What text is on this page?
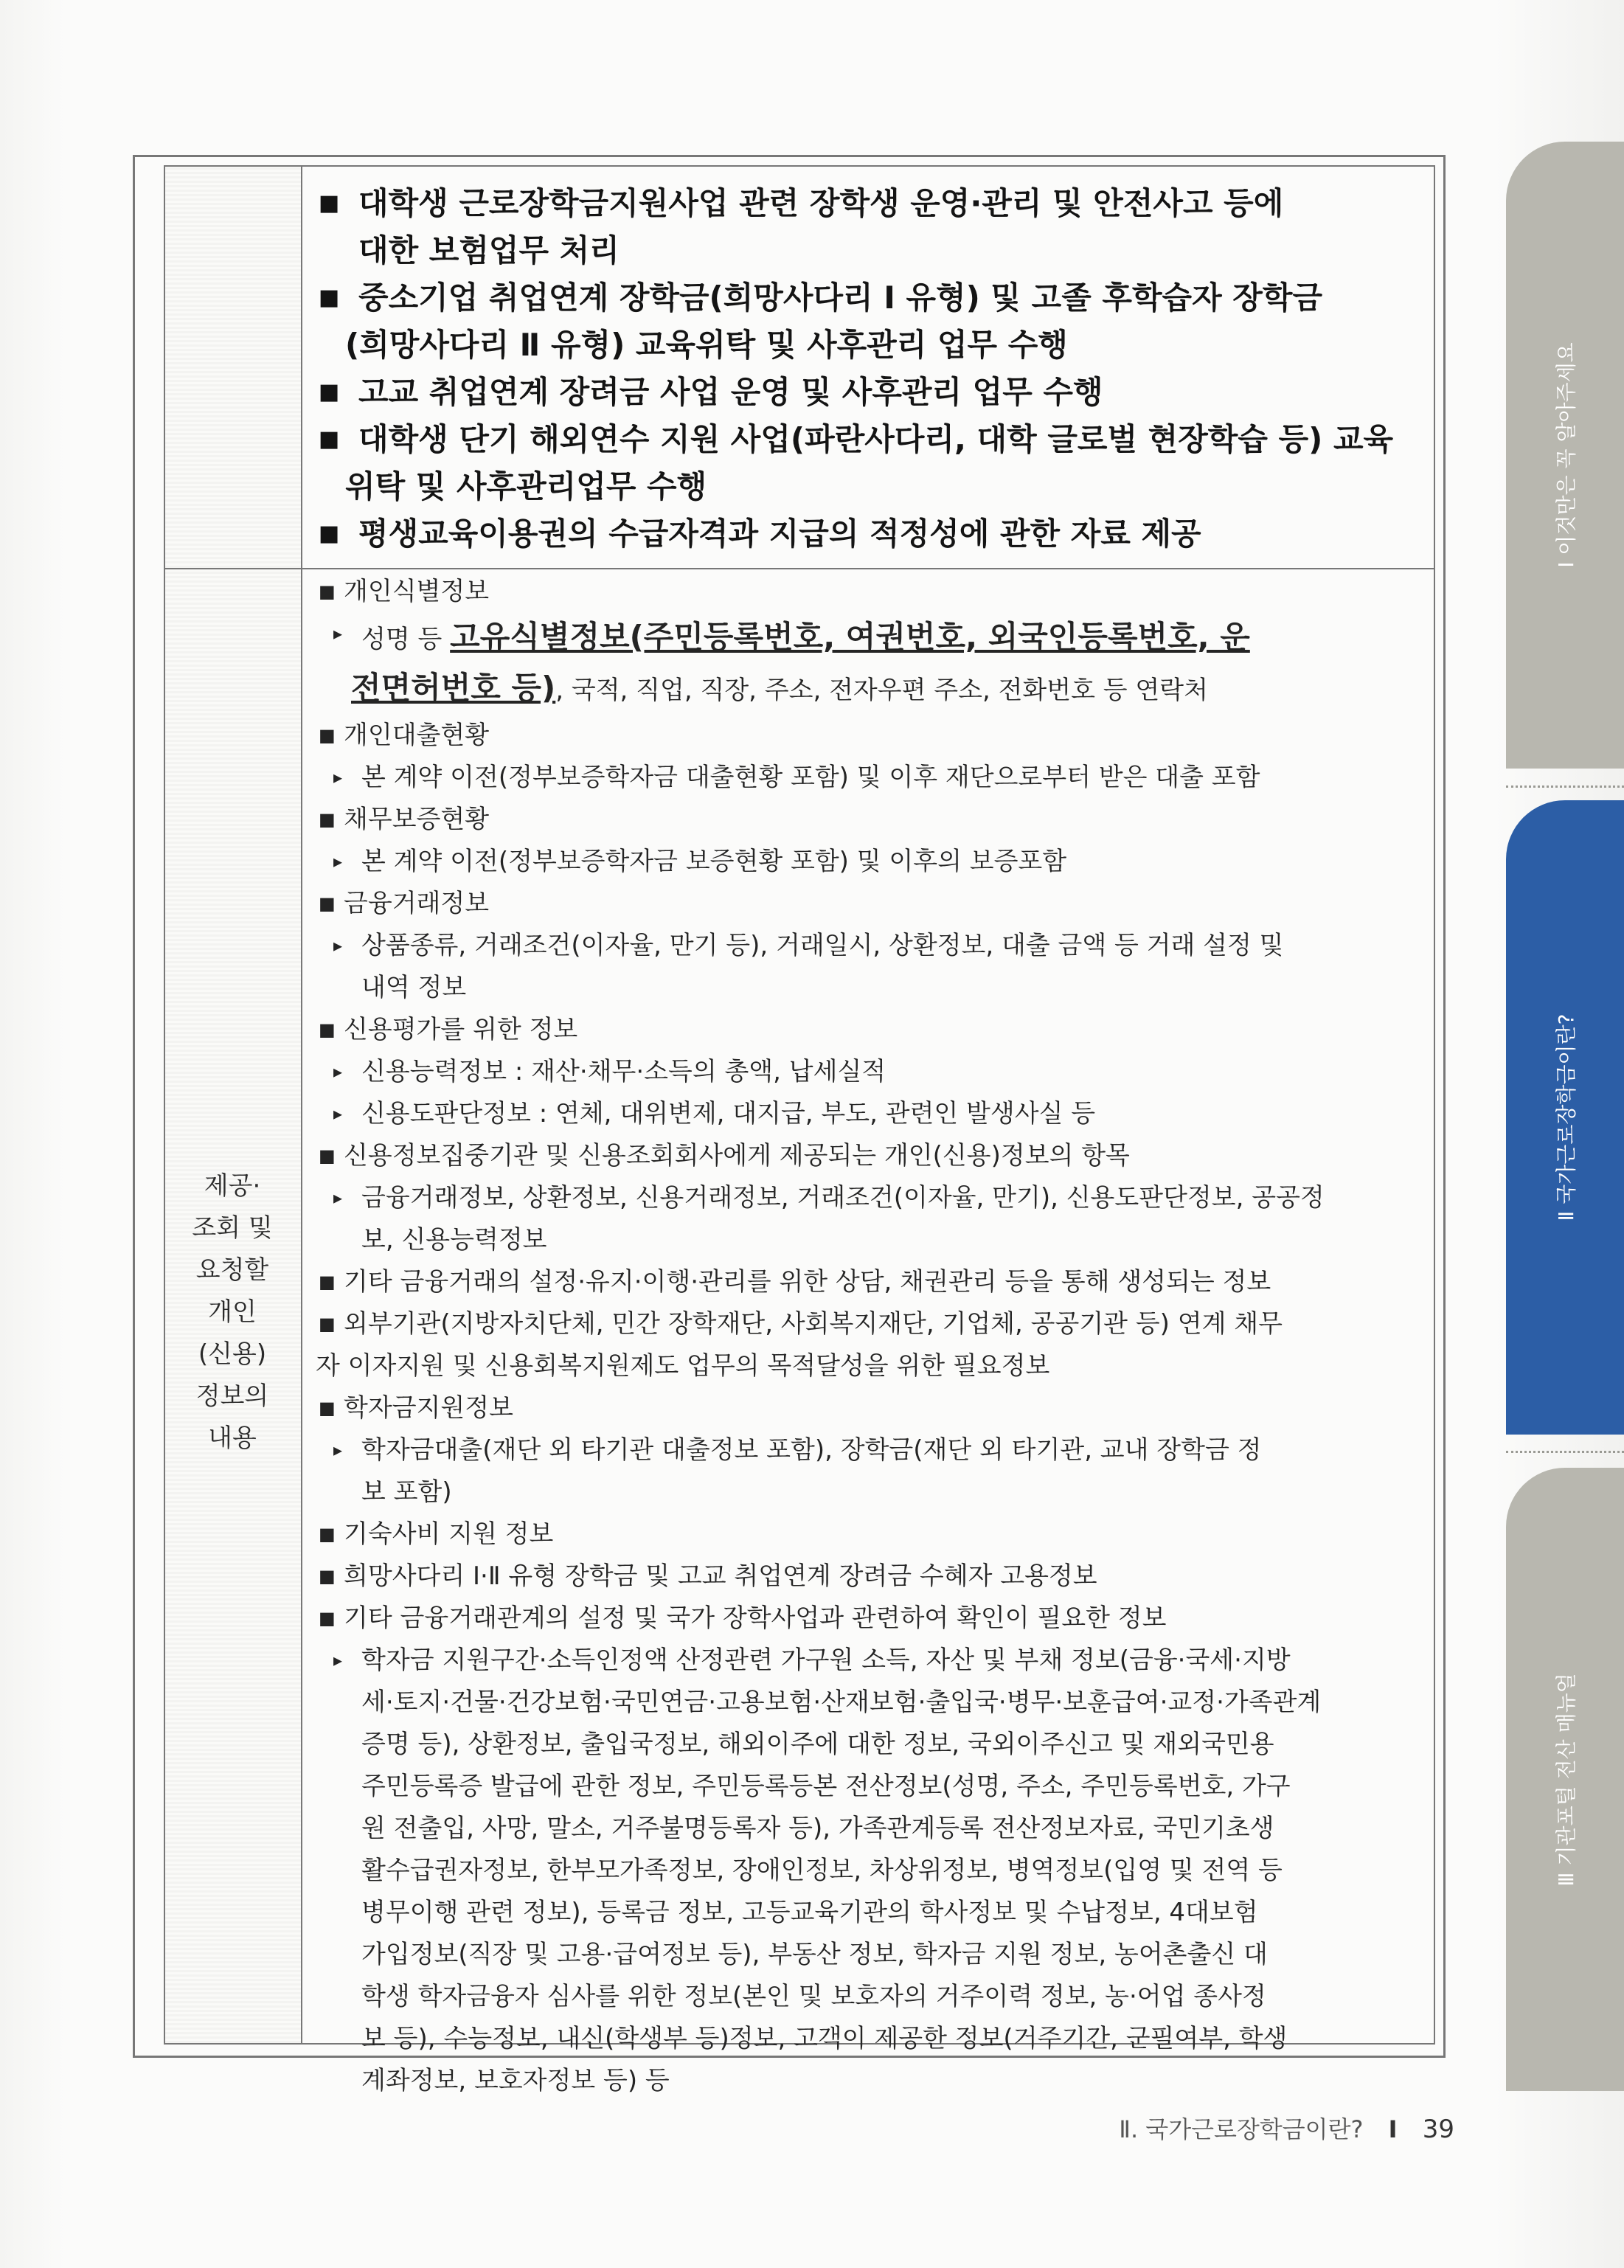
■ 대학생 근로장학금지원사업 관련 장학생 운영·관리 및 안전사고 등에
대한 보험업무 처리
■ 중소기업 취업연계 장학금(희망사다리 Ⅰ 유형) 및 고졸 후학습자 장학금
(희망사다리 Ⅱ 유형) 교육위탁 및 사후관리 업무 수행
■ 고교 취업연계 장려금 사업 운영 및 사후관리 업무 수행
■ 대학생 단기 해외연수 지원 사업(파란사다리, 대학 글로벌 현장학습 등) 교육
위탁 및 사후관리업무 수행
■ 평생교육이용권의 수급자격과 지급의 적정성에 관한 자료 제공
제공·
조회 및
요청할
개인
(신용)
정보의
내용
■ 개인식별정보
▸ 성명 등 고유식별정보(주민등록번호, 여권번호, 외국인등록번호, 운
전면허번호 등), 국적, 직업, 직장, 주소, 전자우편 주소, 전화번호 등 연락처
■ 개인대출현황
▸ 본 계약 이전(정부보증학자금 대출현황 포함) 및 이후 재단으로부터 받은 대출 포함
■ 채무보증현황
▸ 본 계약 이전(정부보증학자금 보증현황 포함) 및 이후의 보증포함
■ 금융거래정보
▸ 상품종류, 거래조건(이자율, 만기 등), 거래일시, 상환정보, 대출 금액 등 거래 설정 및
내역 정보
■ 신용평가를 위한 정보
▸ 신용능력정보 : 재산·채무·소득의 총액, 납세실적
▸ 신용도판단정보 : 연체, 대위변제, 대지급, 부도, 관련인 발생사실 등
■ 신용정보집중기관 및 신용조회회사에게 제공되는 개인(신용)정보의 항목
▸ 금융거래정보, 상환정보, 신용거래정보, 거래조건(이자율, 만기), 신용도판단정보, 공공정
보, 신용능력정보
■ 기타 금융거래의 설정·유지·이행·관리를 위한 상담, 채권관리 등을 통해 생성되는 정보
■ 외부기관(지방자치단체, 민간 장학재단, 사회복지재단, 기업체, 공공기관 등) 연계 채무
자 이자지원 및 신용회복지원제도 업무의 목적달성을 위한 필요정보
■ 학자금지원정보
▸ 학자금대출(재단 외 타기관 대출정보 포함), 장학금(재단 외 타기관, 교내 장학금 정
보 포함)
■ 기숙사비 지원 정보
■ 희망사다리 Ⅰ·Ⅱ 유형 장학금 및 고교 취업연계 장려금 수혜자 고용정보
■ 기타 금융거래관계의 설정 및 국가 장학사업과 관련하여 확인이 필요한 정보
▸ 학자금 지원구간·소득인정액 산정관련 가구원 소득, 자산 및 부채 정보(금융·국세·지방
세·토지·건물·건강보험·국민연금·고용보험·산재보험·출입국·병무·보훈급여·교정·가족관계
증명 등), 상환정보, 출입국정보, 해외이주에 대한 정보, 국외이주신고 및 재외국민용
주민등록증 발급에 관한 정보, 주민등록등본 전산정보(성명, 주소, 주민등록번호, 가구
원 전출입, 사망, 말소, 거주불명등록자 등), 가족관계등록 전산정보자료, 국민기초생
활수급권자정보, 한부모가족정보, 장애인정보, 차상위정보, 병역정보(입영 및 전역 등
병무이행 관련 정보), 등록금 정보, 고등교육기관의 학사정보 및 수납정보, 4대보험
가입정보(직장 및 고용·급여정보 등), 부동산 정보, 학자금 지원 정보, 농어촌출신 대
학생 학자금융자 심사를 위한 정보(본인 및 보호자의 거주이력 정보, 농·어업 종사정
보 등), 수능정보, 내신(학생부 등)정보, 고객이 제공한 정보(거주기간, 군필여부, 학생
계좌정보, 보호자정보 등) 등
Ⅰ 이것만은 꼭 알아주세요
Ⅱ 국가근로장학금이란?
Ⅲ 기관포털 전산 매뉴얼
Ⅱ. 국가근로장학금이란? I 39
